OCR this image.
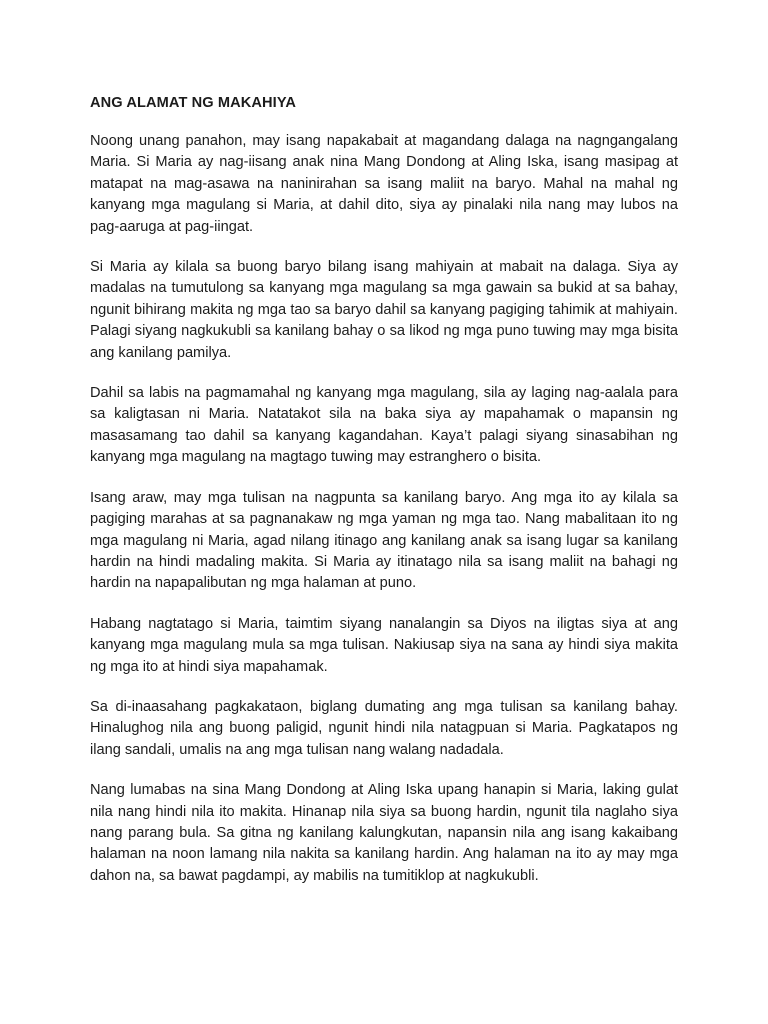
ANG ALAMAT NG MAKAHIYA

Noong unang panahon, may isang napakabait at magandang dalaga na nagngangalang Maria. Si Maria ay nag-iisang anak nina Mang Dondong at Aling Iska, isang masipag at matapat na mag-asawa na naninirahan sa isang maliit na baryo. Mahal na mahal ng kanyang mga magulang si Maria, at dahil dito, siya ay pinalaki nila nang may lubos na pag-aaruga at pag-iingat.

Si Maria ay kilala sa buong baryo bilang isang mahiyain at mabait na dalaga. Siya ay madalas na tumutulong sa kanyang mga magulang sa mga gawain sa bukid at sa bahay, ngunit bihirang makita ng mga tao sa baryo dahil sa kanyang pagiging tahimik at mahiyain. Palagi siyang nagkukubli sa kanilang bahay o sa likod ng mga puno tuwing may mga bisita ang kanilang pamilya.

Dahil sa labis na pagmamahal ng kanyang mga magulang, sila ay laging nag-aalala para sa kaligtasan ni Maria. Natatakot sila na baka siya ay mapahamak o mapansin ng masasamang tao dahil sa kanyang kagandahan. Kaya’t palagi siyang sinasabihan ng kanyang mga magulang na magtago tuwing may estranghero o bisita.

Isang araw, may mga tulisan na nagpunta sa kanilang baryo. Ang mga ito ay kilala sa pagiging marahas at sa pagnanakaw ng mga yaman ng mga tao. Nang mabalitaan ito ng mga magulang ni Maria, agad nilang itinago ang kanilang anak sa isang lugar sa kanilang hardin na hindi madaling makita. Si Maria ay itinatago nila sa isang maliit na bahagi ng hardin na napapalibutan ng mga halaman at puno.

Habang nagtatago si Maria, taimtim siyang nanalangin sa Diyos na iligtas siya at ang kanyang mga magulang mula sa mga tulisan. Nakiusap siya na sana ay hindi siya makita ng mga ito at hindi siya mapahamak.

Sa di-inaasahang pagkakataon, biglang dumating ang mga tulisan sa kanilang bahay. Hinalughog nila ang buong paligid, ngunit hindi nila natagpuan si Maria. Pagkatapos ng ilang sandali, umalis na ang mga tulisan nang walang nadadala.

Nang lumabas na sina Mang Dondong at Aling Iska upang hanapin si Maria, laking gulat nila nang hindi nila ito makita. Hinanap nila siya sa buong hardin, ngunit tila naglaho siya nang parang bula. Sa gitna ng kanilang kalungkutan, napansin nila ang isang kakaibang halaman na noon lamang nila nakita sa kanilang hardin. Ang halaman na ito ay may mga dahon na, sa bawat pagdampi, ay mabilis na tumitiklop at nagkukubli.
